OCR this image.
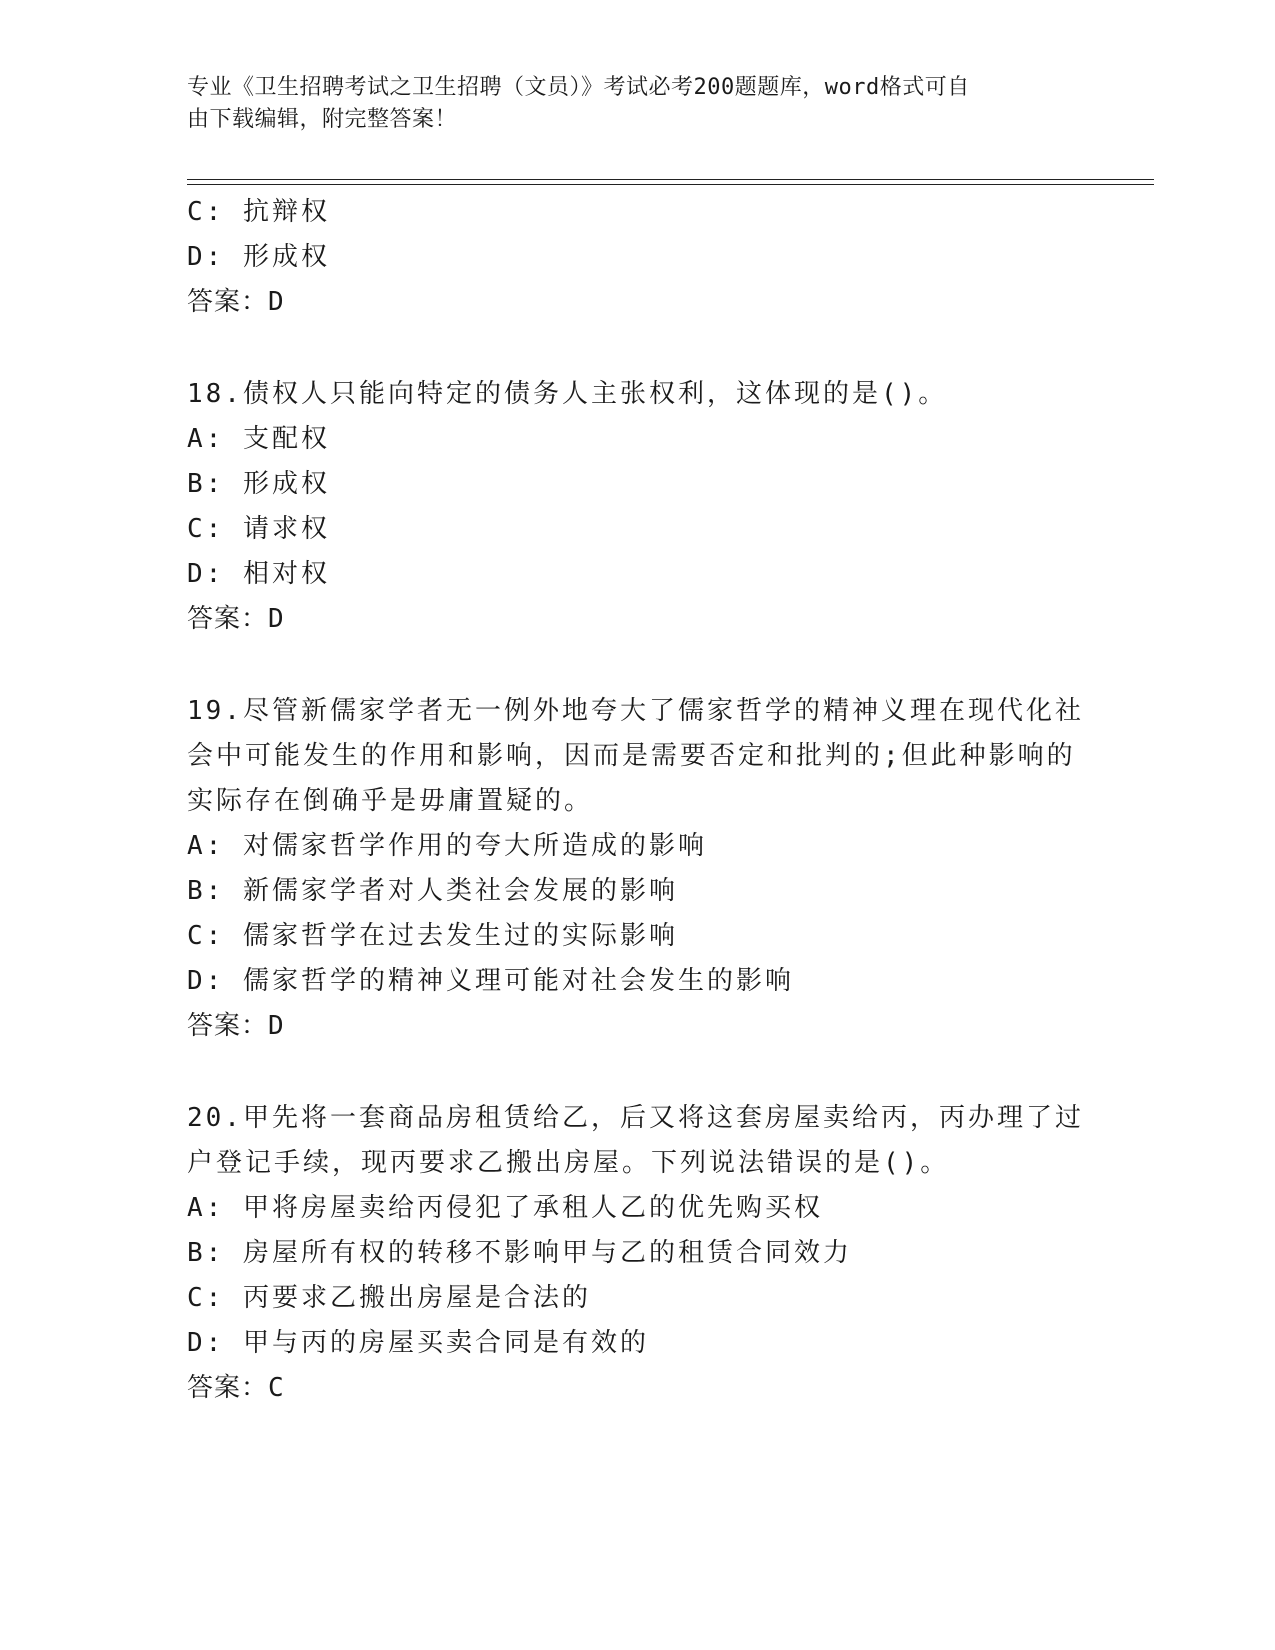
专业《卫生招聘考试之卫生招聘（文员）》考试必考200题题库，word格式可自
由下载编辑，附完整答案！
C: 抗辩权
D: 形成权
答案：D
18.债权人只能向特定的债务人主张权利，这体现的是()。
A: 支配权
B: 形成权
C: 请求权
D: 相对权
答案：D
19.尽管新儒家学者无一例外地夸大了儒家哲学的精神义理在现代化社
会中可能发生的作用和影响，因而是需要否定和批判的;但此种影响的
实际存在倒确乎是毋庸置疑的。
A: 对儒家哲学作用的夸大所造成的影响
B: 新儒家学者对人类社会发展的影响
C: 儒家哲学在过去发生过的实际影响
D: 儒家哲学的精神义理可能对社会发生的影响
答案：D
20.甲先将一套商品房租赁给乙，后又将这套房屋卖给丙，丙办理了过
户登记手续，现丙要求乙搬出房屋。下列说法错误的是()。
A: 甲将房屋卖给丙侵犯了承租人乙的优先购买权
B: 房屋所有权的转移不影响甲与乙的租赁合同效力
C: 丙要求乙搬出房屋是合法的
D: 甲与丙的房屋买卖合同是有效的
答案：C
